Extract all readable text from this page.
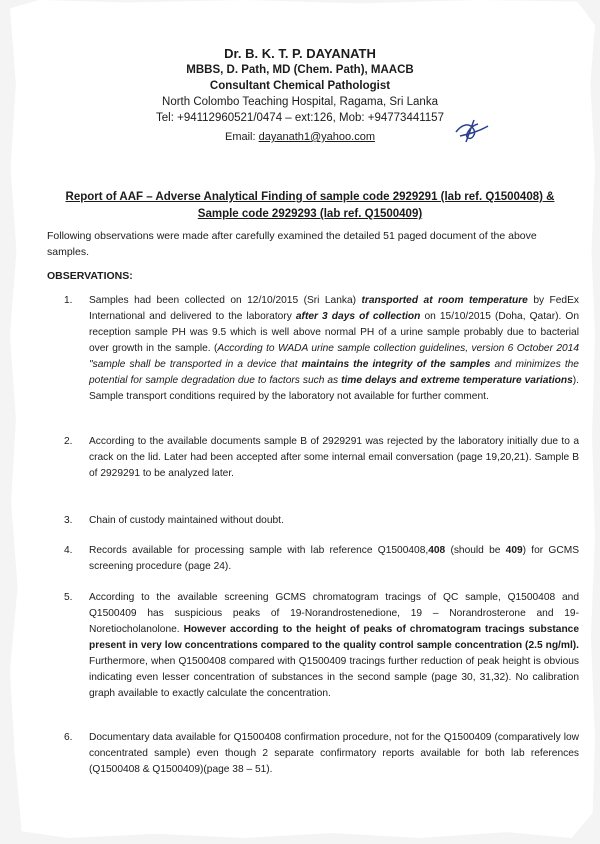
Dr. B. K. T. P. DAYANATH
MBBS, D. Path, MD (Chem. Path), MAACB
Consultant Chemical Pathologist
North Colombo Teaching Hospital, Ragama, Sri Lanka
Tel: +94112960521/0474 – ext:126, Mob: +94773441157
Email: dayanath1@yahoo.com
Report of AAF – Adverse Analytical Finding of sample code 2929291 (lab ref. Q1500408) &
Sample code 2929293 (lab ref. Q1500409)
Following observations were made after carefully examined the detailed 51 paged document of the above samples.
OBSERVATIONS:
1. Samples had been collected on 12/10/2015 (Sri Lanka) transported at room temperature by FedEx International and delivered to the laboratory after 3 days of collection on 15/10/2015 (Doha, Qatar). On reception sample PH was 9.5 which is well above normal PH of a urine sample probably due to bacterial over growth in the sample. (According to WADA urine sample collection guidelines, version 6 October 2014 "sample shall be transported in a device that maintains the integrity of the samples and minimizes the potential for sample degradation due to factors such as time delays and extreme temperature variations). Sample transport conditions required by the laboratory not available for further comment.
2. According to the available documents sample B of 2929291 was rejected by the laboratory initially due to a crack on the lid. Later had been accepted after some internal email conversation (page 19,20,21). Sample B of 2929291 to be analyzed later.
3. Chain of custody maintained without doubt.
4. Records available for processing sample with lab reference Q1500408,408 (should be 409) for GCMS screening procedure (page 24).
5. According to the available screening GCMS chromatogram tracings of QC sample, Q1500408 and Q1500409 has suspicious peaks of 19-Norandrostenedione, 19 – Norandrosterone and 19-Noretiocholanolone. However according to the height of peaks of chromatogram tracings substance present in very low concentrations compared to the quality control sample concentration (2.5 ng/ml). Furthermore, when Q1500408 compared with Q1500409 tracings further reduction of peak height is obvious indicating even lesser concentration of substances in the second sample (page 30, 31,32). No calibration graph available to exactly calculate the concentration.
6. Documentary data available for Q1500408 confirmation procedure, not for the Q1500409 (comparatively low concentrated sample) even though 2 separate confirmatory reports available for both lab references (Q1500408 & Q1500409)(page 38 – 51).
